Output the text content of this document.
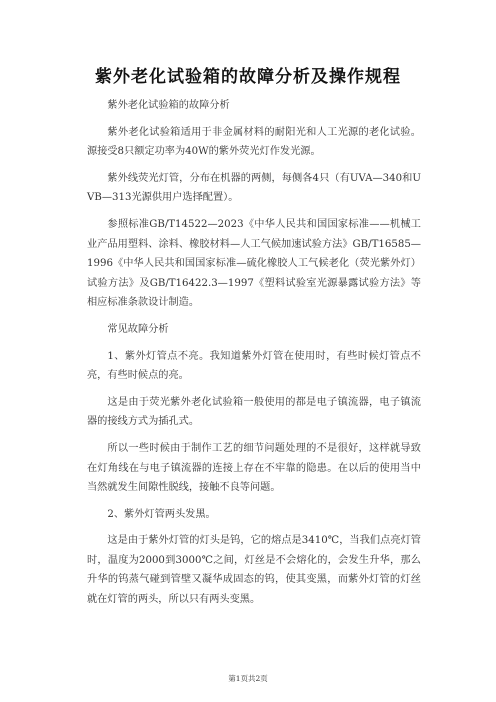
紫外老化试验箱的故障分析及操作规程

紫外老化试验箱的故障分析

紫外老化试验箱适用于非金属材料的耐阳光和人工光源的老化试验。源接受8只额定功率为40W的紫外荧光灯作发光源。

紫外线荧光灯管，分布在机器的两侧，每侧各4只（有UVA—340和UVB—313光源供用户选择配置）。

参照标准GB/T14522—2023《中华人民共和国国家标准——机械工业产品用塑料、涂料、橡胶材料—人工气候加速试验方法》GB/T16585—1996《中华人民共和国国家标准—硫化橡胶人工气候老化（荧光紫外灯）试验方法》及GB/T16422.3—1997《塑料试验室光源暴露试验方法》等相应标准条款设计制造。

常见故障分析

1、紫外灯管点不亮。我知道紫外灯管在使用时，有些时候灯管点不亮，有些时候点的亮。

这是由于荧光紫外老化试验箱一般使用的都是电子镇流器，电子镇流器的接线方式为插孔式。

所以一些时候由于制作工艺的细节问题处理的不是很好，这样就导致在灯角线在与电子镇流器的连接上存在不牢靠的隐患。在以后的使用当中当然就发生间隙性脱线，接触不良等问题。

2、紫外灯管两头发黑。

这是由于紫外灯管的灯头是钨，它的熔点是3410℃，当我们点亮灯管时，温度为2000到3000℃之间，灯丝是不会熔化的，会发生升华，那么升华的钨蒸气碰到管壁又凝华成固态的钨，使其变黑，而紫外灯管的灯丝就在灯管的两头，所以只有两头变黑。

第1页共2页
